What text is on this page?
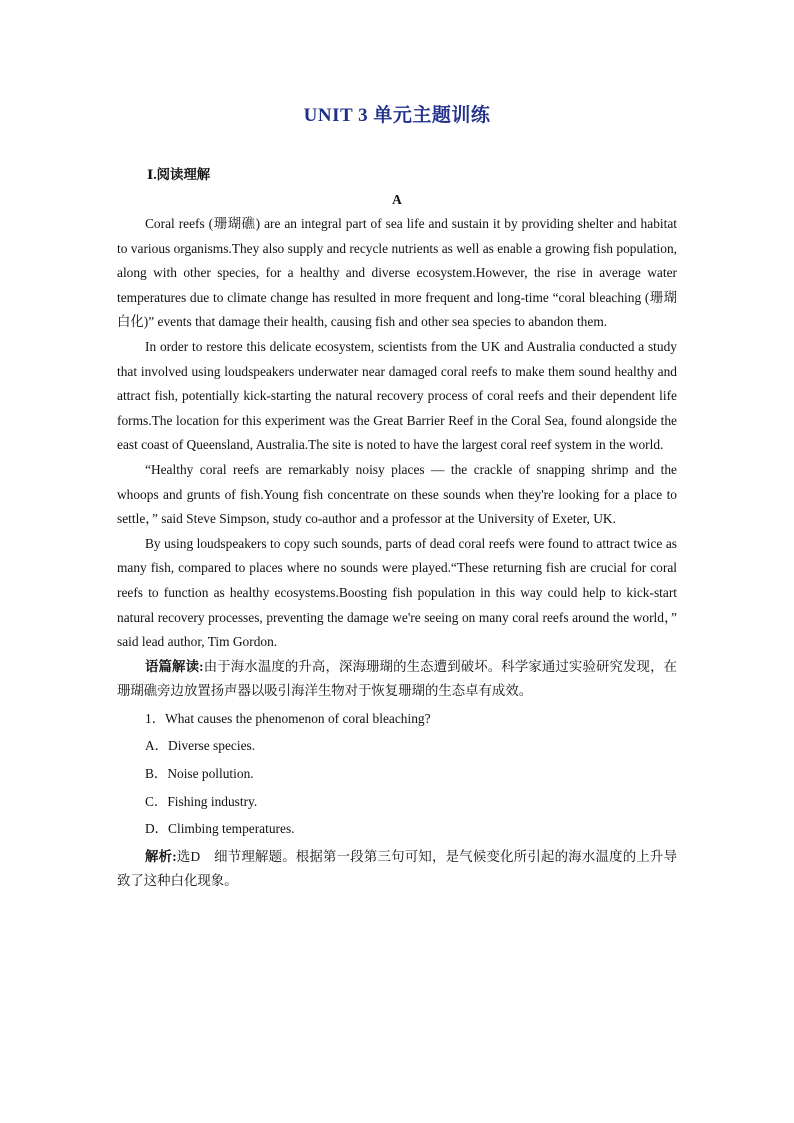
UNIT 3 单元主题训练
Ⅰ.阅读理解
A

Coral reefs (珊瑚礁) are an integral part of sea life and sustain it by providing shelter and habitat to various organisms.They also supply and recycle nutrients as well as enable a growing fish population, along with other species, for a healthy and diverse ecosystem.However, the rise in average water temperatures due to climate change has resulted in more frequent and long-time “coral bleaching (珊瑚白化)” events that damage their health, causing fish and other sea species to abandon them.

In order to restore this delicate ecosystem, scientists from the UK and Australia conducted a study that involved using loudspeakers underwater near damaged coral reefs to make them sound healthy and attract fish, potentially kick-starting the natural recovery process of coral reefs and their dependent life forms.The location for this experiment was the Great Barrier Reef in the Coral Sea, found alongside the east coast of Queensland, Australia.The site is noted to have the largest coral reef system in the world.

“Healthy coral reefs are remarkably noisy places — the crackle of snapping shrimp and the whoops and grunts of fish.Young fish concentrate on these sounds when they're looking for a place to settle，” said Steve Simpson, study co-author and a professor at the University of Exeter, UK.

By using loudspeakers to copy such sounds, parts of dead coral reefs were found to attract twice as many fish, compared to places where no sounds were played.“These returning fish are crucial for coral reefs to function as healthy ecosystems.Boosting fish population in this way could help to kick-start natural recovery processes, preventing the damage we're seeing on many coral reefs around the world，” said lead author, Tim Gordon.

语篇解读:由于海水温度的升高，深海珊瑚的生态遭到破坏。科学家通过实验研究发现，在珊瑚礁旁边放置扬声器以吸引海洋生物对于恢复珊瑚的生态卓有成效。

1．What causes the phenomenon of coral bleaching?

A．Diverse species.

B．Noise pollution.

C．Fishing industry.

D．Climbing temperatures.

解析:选D　细节理解题。根据第一段第三句可知，是气候变化所引起的海水温度的上升导致了这种白化现象。
